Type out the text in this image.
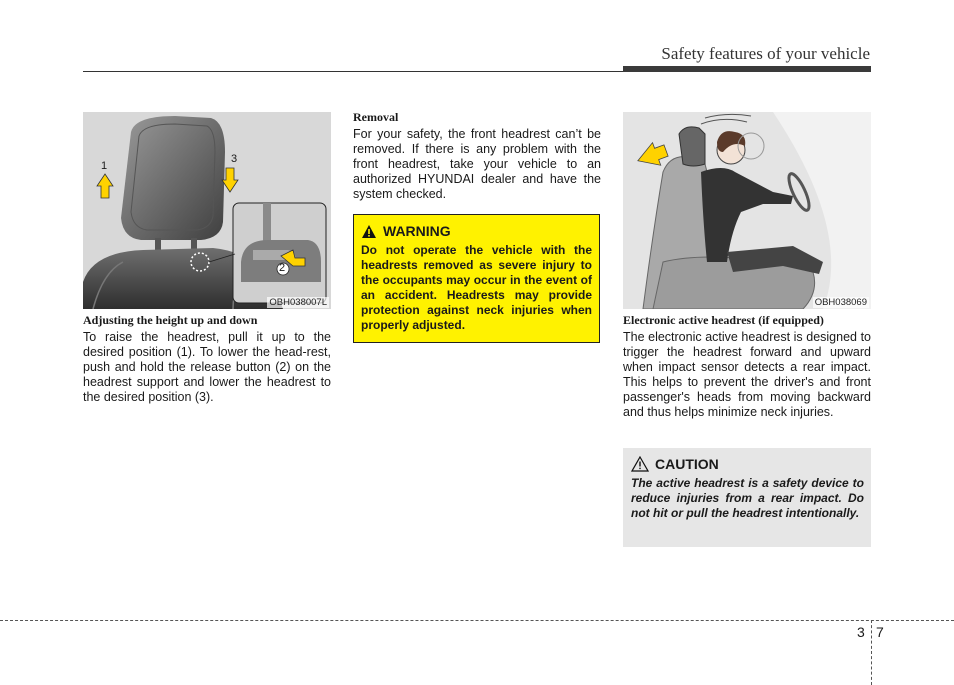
Safety features of your vehicle
1
3
2
OBH038007L
Adjusting the height up and down
To raise the headrest, pull it up to the desired position (1). To lower the head-rest, push and hold the release button (2) on the headrest support and lower the headrest to the desired position (3).
Removal
For your safety, the front headrest can’t be removed. If there is any problem with the front headrest, take your vehicle to an authorized HYUNDAI dealer and have the system checked.
WARNING
Do not operate the vehicle with the headrests removed as severe injury to the occupants may occur in the event of an accident. Headrests may provide protection against neck injuries when properly adjusted.
OBH038069
Electronic active headrest (if equipped)
The electronic active headrest is designed to trigger the headrest forward and upward when impact sensor detects a rear impact. This helps to prevent the driver's and front passenger's heads from moving backward and thus helps minimize neck injuries.
CAUTION
The active headrest is a safety device to reduce injuries from a rear impact. Do not hit or pull the headrest intentionally.
3 7
